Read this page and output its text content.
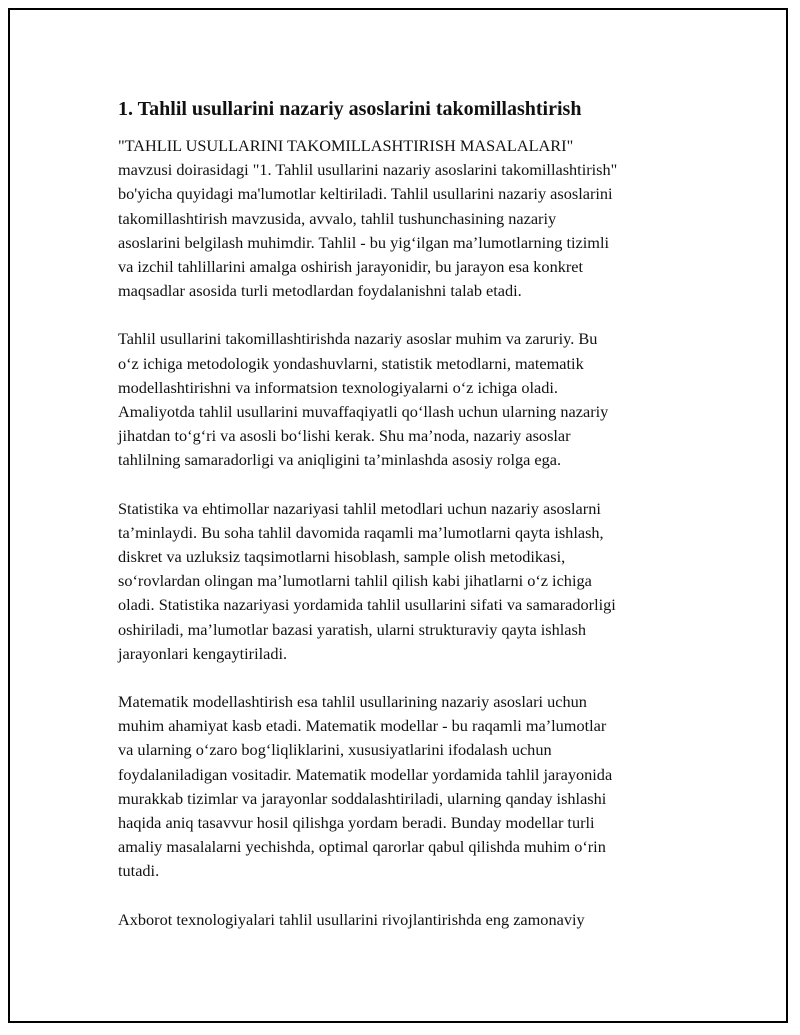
1. Tahlil usullarini nazariy asoslarini takomillashtirish

"TAHLIL USULLARINI TAKOMILLASHTIRISH MASALALARI"
mavzusi doirasidagi "1. Tahlil usullarini nazariy asoslarini takomillashtirish"
bo'yicha quyidagi ma'lumotlar keltiriladi. Tahlil usullarini nazariy asoslarini
takomillashtirish mavzusida, avvalo, tahlil tushunchasining nazariy
asoslarini belgilash muhimdir. Tahlil - bu yig‘ilgan ma’lumotlarning tizimli
va izchil tahlillarini amalga oshirish jarayonidir, bu jarayon esa konkret
maqsadlar asosida turli metodlardan foydalanishni talab etadi.

Tahlil usullarini takomillashtirishda nazariy asoslar muhim va zaruriy. Bu
o‘z ichiga metodologik yondashuvlarni, statistik metodlarni, matematik
modellashtirishni va informatsion texnologiyalarni o‘z ichiga oladi.
Amaliyotda tahlil usullarini muvaffaqiyatli qo‘llash uchun ularning nazariy
jihatdan to‘g‘ri va asosli bo‘lishi kerak. Shu ma’noda, nazariy asoslar
tahlilning samaradorligi va aniqligini ta’minlashda asosiy rolga ega.

Statistika va ehtimollar nazariyasi tahlil metodlari uchun nazariy asoslarni
ta’minlaydi. Bu soha tahlil davomida raqamli ma’lumotlarni qayta ishlash,
diskret va uzluksiz taqsimotlarni hisoblash, sample olish metodikasi,
so‘rovlardan olingan ma’lumotlarni tahlil qilish kabi jihatlarni o‘z ichiga
oladi. Statistika nazariyasi yordamida tahlil usullarini sifati va samaradorligi
oshiriladi, ma’lumotlar bazasi yaratish, ularni strukturaviy qayta ishlash
jarayonlari kengaytiriladi.

Matematik modellashtirish esa tahlil usullarining nazariy asoslari uchun
muhim ahamiyat kasb etadi. Matematik modellar - bu raqamli ma’lumotlar
va ularning o‘zaro bog‘liqliklarini, xususiyatlarini ifodalash uchun
foydalaniladigan vositadir. Matematik modellar yordamida tahlil jarayonida
murakkab tizimlar va jarayonlar soddalashtiriladi, ularning qanday ishlashi
haqida aniq tasavvur hosil qilishga yordam beradi. Bunday modellar turli
amaliy masalalarni yechishda, optimal qarorlar qabul qilishda muhim o‘rin
tutadi.

Axborot texnologiyalari tahlil usullarini rivojlantirishda eng zamonaviy
